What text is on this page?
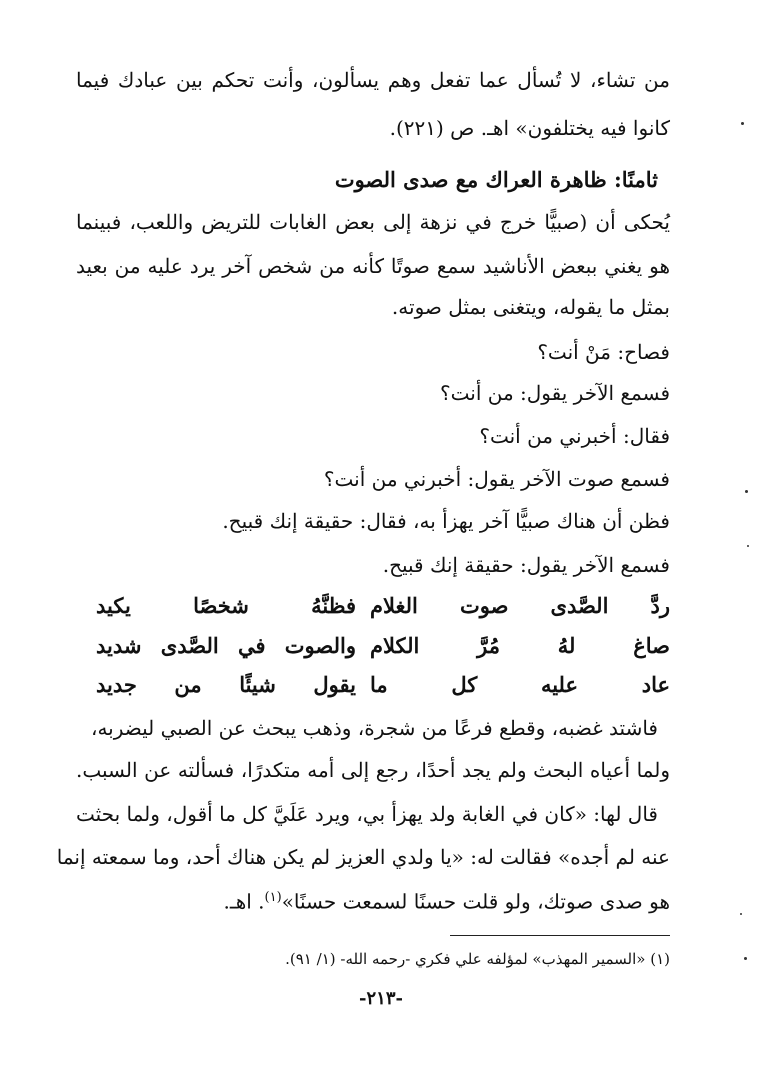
من تشاء، لا تُسأل عما تفعل وهم يسألون، وأنت تحكم بين عبادك فيما
كانوا فيه يختلفون» اهـ. ص (٢٢١).
ثامنًا: ظاهرة العراك مع صدى الصوت
يُحكى أن (صبيًّا خرج في نزهة إلى بعض الغابات للتريض واللعب، فبينما
هو يغني ببعض الأناشيد سمع صوتًا كأنه من شخص آخر يرد عليه من بعيد
بمثل ما يقوله، ويتغنى بمثل صوته.
فصاح: مَنْ أنت؟
فسمع الآخر يقول: من أنت؟
فقال: أخبرني من أنت؟
فسمع صوت الآخر يقول: أخبرني من أنت؟
فظن أن هناك صبيًّا آخر يهزأ به، فقال: حقيقة إنك قبيح.
فسمع الآخر يقول: حقيقة إنك قبيح.
ردَّ الصَّدى صوت الغلام
فظنَّهُ شخصًا يكيد
صاغ لهُ مُرَّ الكلام
والصوت في الصَّدى شديد
عاد عليه كل ما
يقول شيئًا من جديد
فاشتد غضبه، وقطع فرعًا من شجرة، وذهب يبحث عن الصبي ليضربه،
ولما أعياه البحث ولم يجد أحدًا، رجع إلى أمه متكدرًا، فسألته عن السبب.
قال لها: «كان في الغابة ولد يهزأ بي، ويرد عَلَيَّ كل ما أقول، ولما بحثت
عنه لم أجده» فقالت له: «يا ولدي العزيز لم يكن هناك أحد، وما سمعته إنما
هو صدى صوتك، ولو قلت حسنًا لسمعت حسنًا»$^{(١)}$. اهـ.
(١) «السمير المهذب» لمؤلفه علي فكري -رحمه الله- (١/ ٩١).
-٢١٣-
